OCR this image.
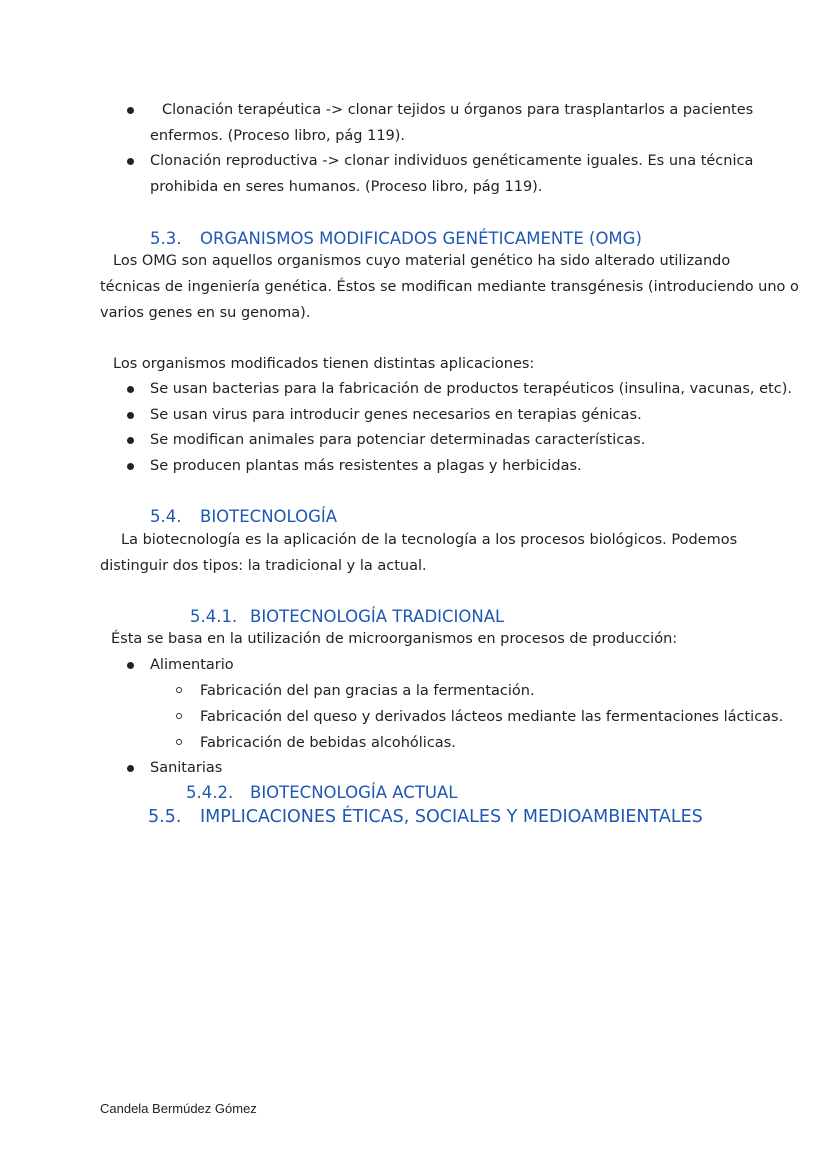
Clonación terapéutica -> clonar tejidos u órganos para trasplantarlos a pacientes
enfermos. (Proceso libro, pág 119).
Clonación reproductiva -> clonar individuos genéticamente iguales. Es una técnica
prohibida en seres humanos. (Proceso libro, pág 119).
5.3. ORGANISMOS MODIFICADOS GENÉTICAMENTE (OMG)
Los OMG son aquellos organismos cuyo material genético ha sido alterado utilizando
técnicas de ingeniería genética. Éstos se modifican mediante transgénesis (introduciendo uno o
varios genes en su genoma).
Los organismos modificados tienen distintas aplicaciones:
Se usan bacterias para la fabricación de productos terapéuticos (insulina, vacunas, etc).
Se usan virus para introducir genes necesarios en terapias génicas.
Se modifican animales para potenciar determinadas características.
Se producen plantas más resistentes a plagas y herbicidas.
5.4. BIOTECNOLOGÍA
La biotecnología es la aplicación de la tecnología a los procesos biológicos. Podemos
distinguir dos tipos: la tradicional y la actual.
5.4.1. BIOTECNOLOGÍA TRADICIONAL
Ésta se basa en la utilización de microorganismos en procesos de producción:
Alimentario
Fabricación del pan gracias a la fermentación.
Fabricación del queso y derivados lácteos mediante las fermentaciones lácticas.
Fabricación de bebidas alcohólicas.
Sanitarias
5.4.2. BIOTECNOLOGÍA ACTUAL
5.5. IMPLICACIONES ÉTICAS, SOCIALES Y MEDIOAMBIENTALES
Candela Bermúdez Gómez
